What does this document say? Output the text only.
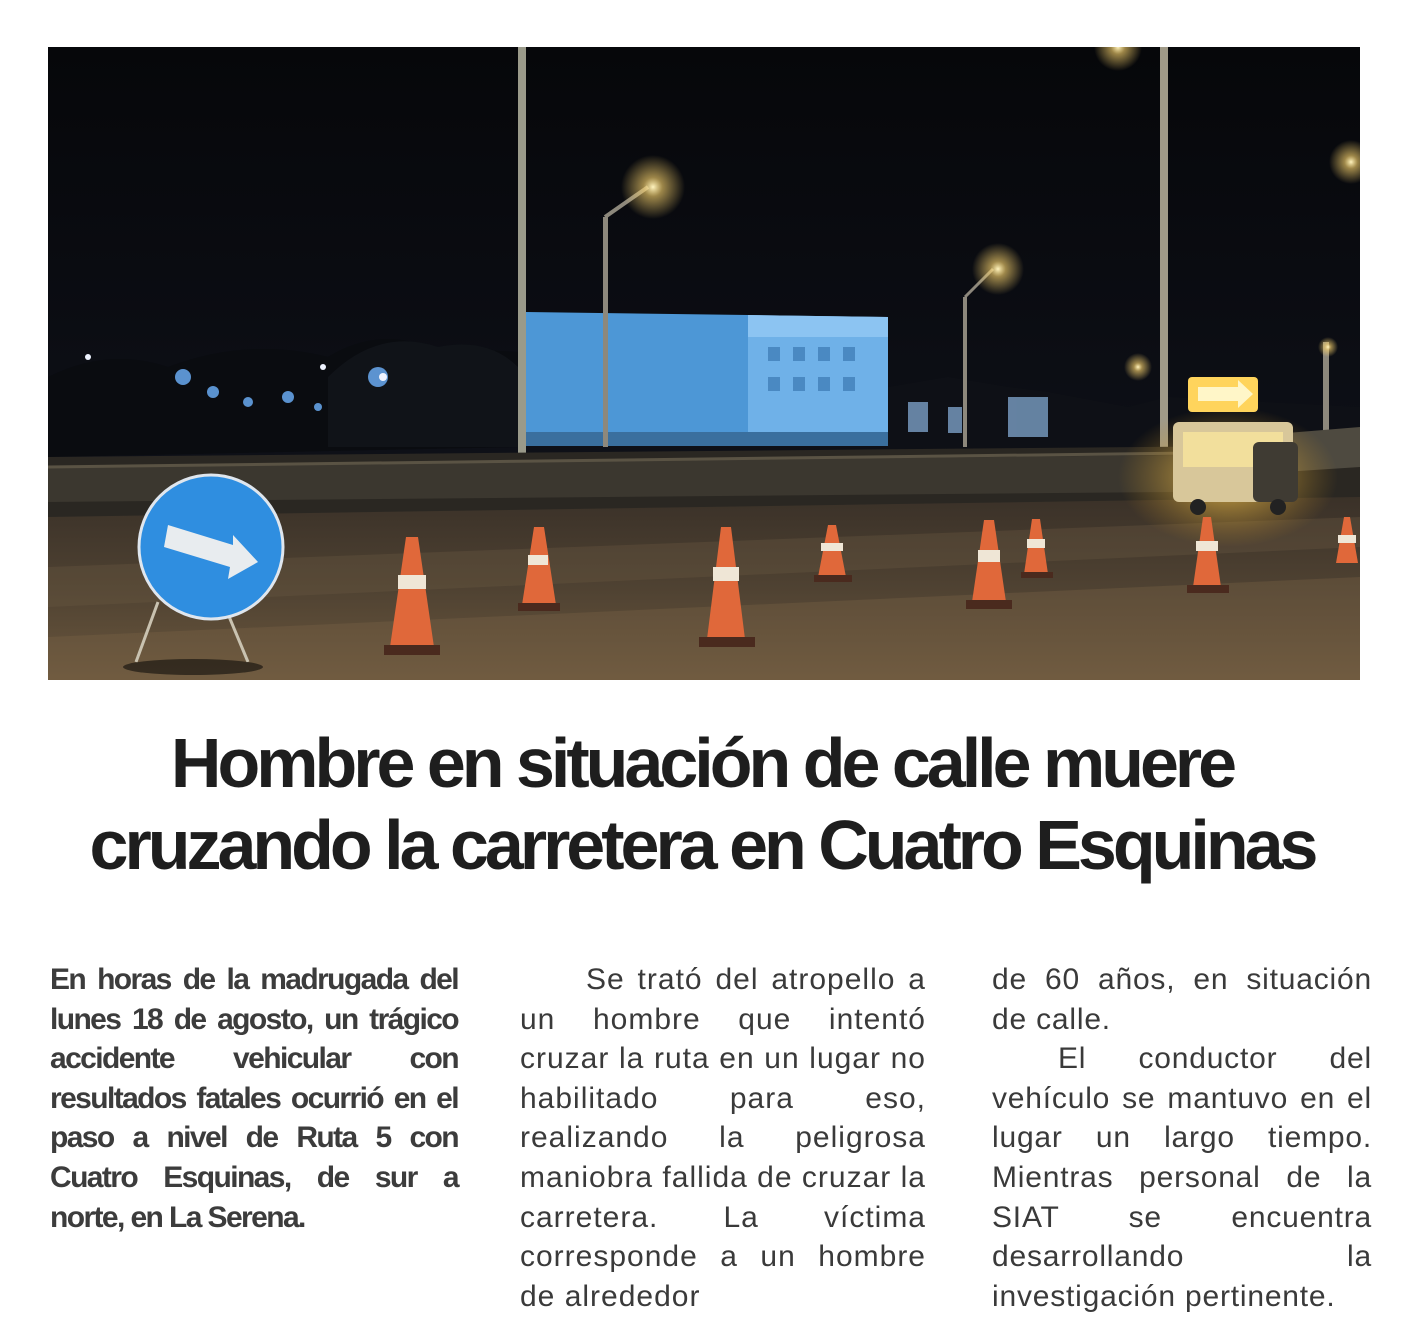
Hombre en situación de calle muere
cruzando la carretera en Cuatro Esquinas

En horas de la madrugada del lunes 18 de agosto, un trágico accidente vehicular con resultados fatales ocurrió en el paso a nivel de Ruta 5 con Cuatro Esquinas, de sur a norte, en La Serena.

Se trató del atropello a un hombre que intentó cruzar la ruta en un lugar no habilitado para eso, realizando la peligrosa maniobra fallida de cruzar la carretera. La víctima corresponde a un hombre de alrededor

de 60 años, en situación de calle.

El conductor del vehículo se mantuvo en el lugar un largo tiempo. Mientras personal de la SIAT se encuentra desarrollando la investigación pertinente.
